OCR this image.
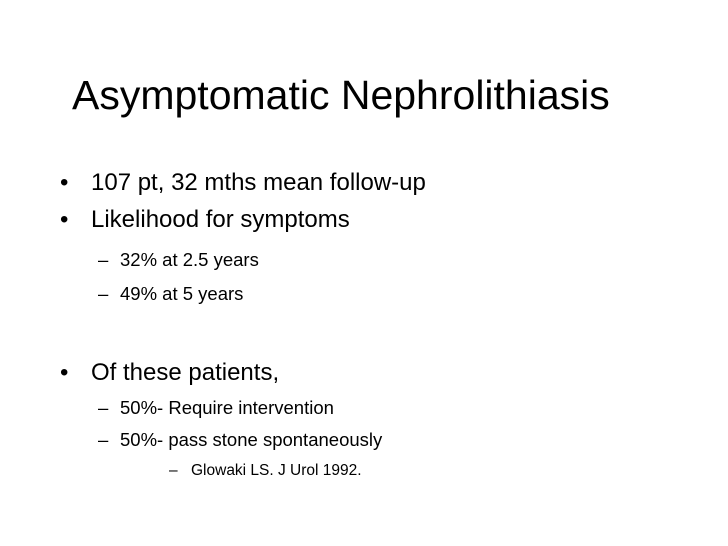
Asymptomatic Nephrolithiasis
• 107 pt, 32 mths mean follow-up
• Likelihood for symptoms
– 32% at 2.5 years
– 49% at 5 years
• Of these patients,
– 50%- Require intervention
– 50%- pass stone spontaneously
– Glowaki LS. J Urol 1992.
